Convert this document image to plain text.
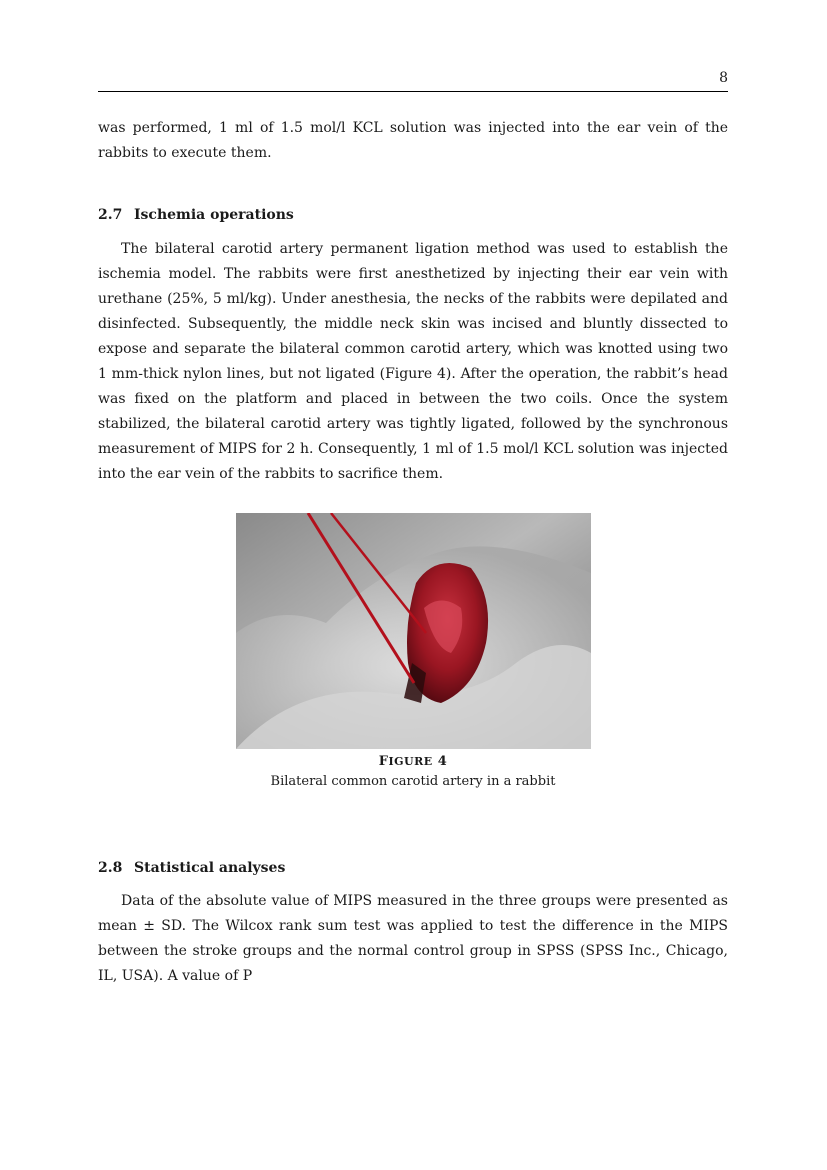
8

was performed, 1 ml of 1.5 mol/l KCL solution was injected into the ear vein of the rabbits to execute them.

2.7 Ischemia operations

The bilateral carotid artery permanent ligation method was used to establish the ischemia model. The rabbits were first anesthetized by injecting their ear vein with urethane (25%, 5 ml/kg). Under anesthesia, the necks of the rabbits were depilated and disinfected. Subsequently, the middle neck skin was incised and bluntly dissected to expose and separate the bilateral common carotid artery, which was knotted using two 1 mm-thick nylon lines, but not ligated (Figure 4). After the operation, the rabbit’s head was fixed on the platform and placed in between the two coils. Once the system stabilized, the bilateral carotid artery was tightly ligated, followed by the synchronous measurement of MIPS for 2 h. Consequently, 1 ml of 1.5 mol/l KCL solution was injected into the ear vein of the rabbits to sacrifice them.

FIGURE 4
Bilateral common carotid artery in a rabbit
2.8 Statistical analyses

Data of the absolute value of MIPS measured in the three groups were presented as mean ± SD. The Wilcox rank sum test was applied to test the difference in the MIPS between the stroke groups and the normal control group in SPSS (SPSS Inc., Chicago, IL, USA). A value of P
